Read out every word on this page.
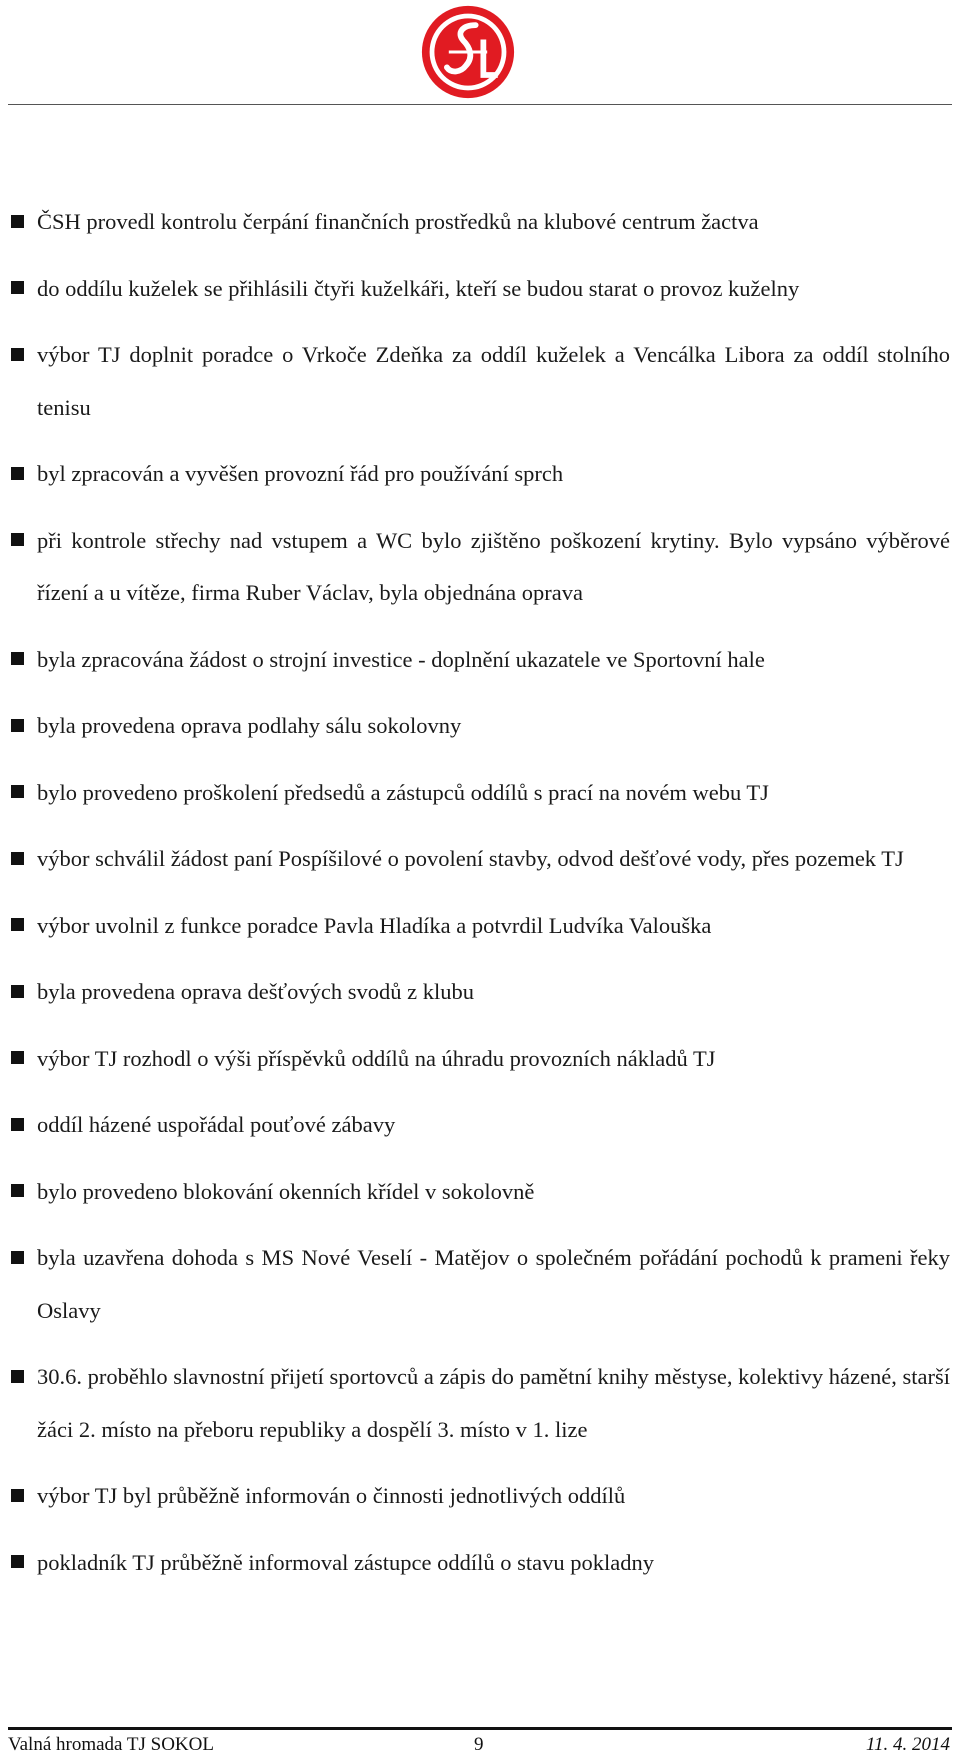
ČSH provedl kontrolu čerpání finančních prostředků na klubové centrum žactva
do oddílu kuželek se přihlásili čtyři kuželkáři, kteří se budou starat o provoz kuželny
výbor TJ doplnit poradce o Vrkoče Zdeňka za oddíl kuželek a Vencálka Libora za oddíl stolního tenisu
byl zpracován a vyvěšen provozní řád pro používání sprch
při kontrole střechy nad vstupem a WC bylo zjištěno poškození krytiny. Bylo vypsáno výběrové řízení a u vítěze, firma Ruber Václav, byla objednána oprava
byla zpracována žádost o strojní investice - doplnění ukazatele ve Sportovní hale
byla provedena oprava podlahy sálu sokolovny
bylo provedeno proškolení předsedů a zástupců oddílů s prací na novém webu TJ
výbor schválil žádost paní Pospíšilové o povolení stavby, odvod dešťové vody, přes pozemek TJ
výbor uvolnil z funkce poradce Pavla Hladíka a potvrdil Ludvíka Valouška
byla provedena oprava dešťových svodů z klubu
výbor TJ rozhodl o výši příspěvků oddílů na úhradu provozních nákladů TJ
oddíl házené uspořádal pouťové zábavy
bylo provedeno blokování okenních křídel v sokolovně
byla uzavřena dohoda s MS Nové Veselí - Matějov o společném pořádání pochodů k prameni řeky Oslavy
30.6. proběhlo slavnostní přijetí sportovců a zápis do pamětní knihy městyse, kolektivy házené, starší žáci 2. místo na přeboru republiky a dospělí 3. místo v 1. lize
výbor TJ byl průběžně informován o činnosti jednotlivých oddílů
pokladník TJ průběžně informoval zástupce oddílů o stavu pokladny
Valná hromada TJ SOKOL	9	11. 4. 2014
